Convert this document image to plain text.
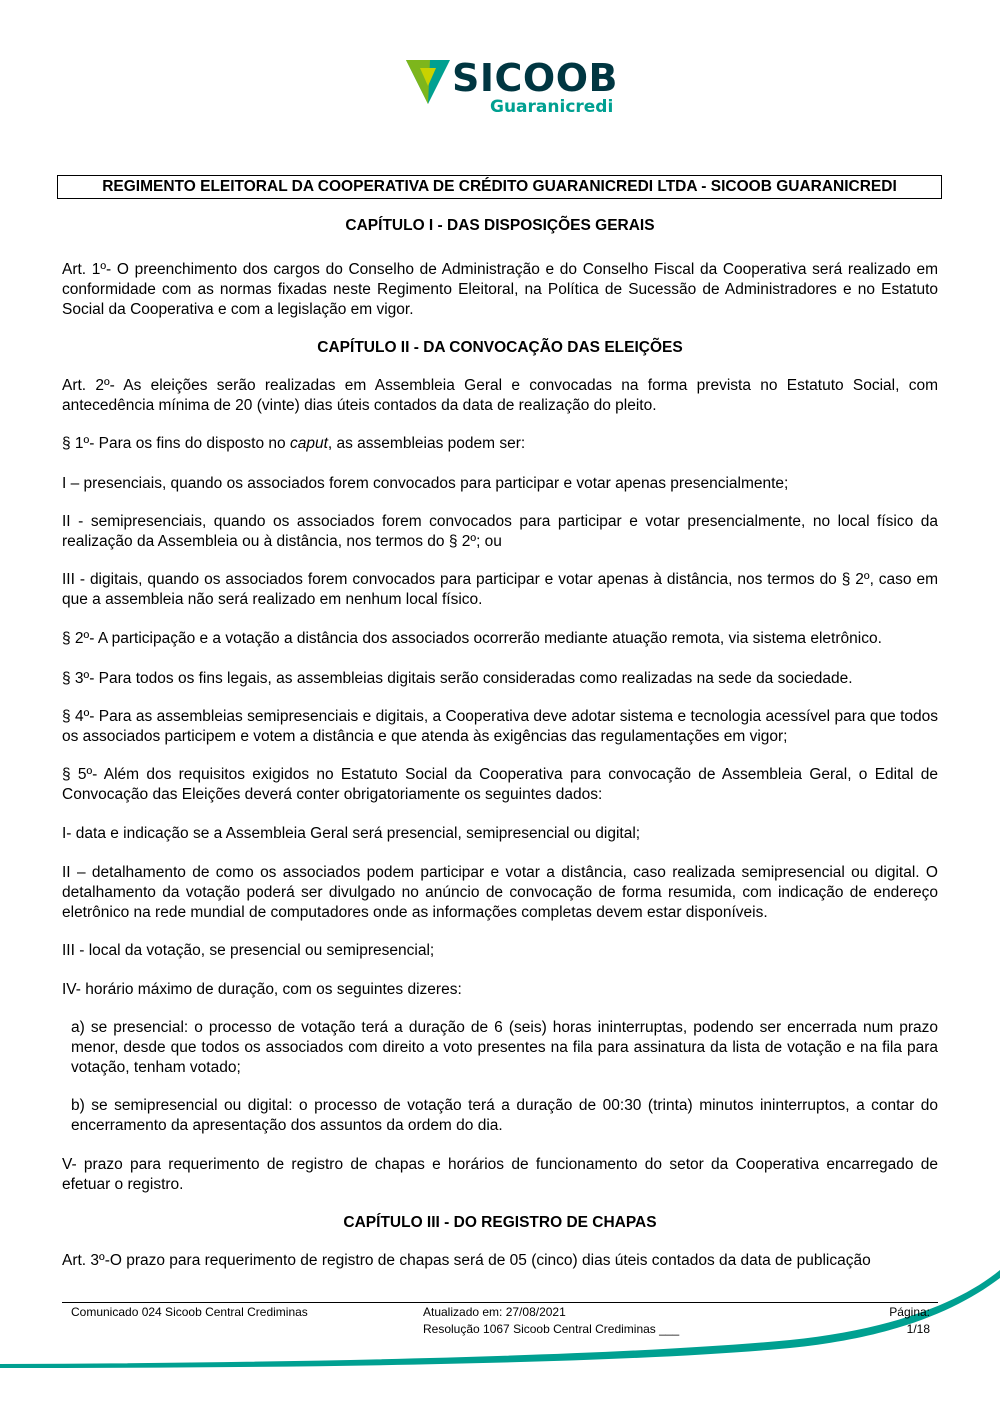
SICOOB
Guaranicredi
REGIMENTO ELEITORAL DA COOPERATIVA DE CRÉDITO GUARANICREDI LTDA - SICOOB GUARANICREDI
CAPÍTULO I - DAS DISPOSIÇÕES GERAIS

Art. 1º- O preenchimento dos cargos do Conselho de Administração e do Conselho Fiscal da Cooperativa será realizado em conformidade com as normas fixadas neste Regimento Eleitoral, na Política de Sucessão de Administradores e no Estatuto Social da Cooperativa e com a legislação em vigor.

CAPÍTULO II - DA CONVOCAÇÃO DAS ELEIÇÕES

Art. 2º- As eleições serão realizadas em Assembleia Geral e convocadas na forma prevista no Estatuto Social, com antecedência mínima de 20 (vinte) dias úteis contados da data de realização do pleito.

§ 1º- Para os fins do disposto no caput, as assembleias podem ser:

I – presenciais, quando os associados forem convocados para participar e votar apenas presencialmente;

II - semipresenciais, quando os associados forem convocados para participar e votar presencialmente, no local físico da realização da Assembleia ou à distância, nos termos do § 2º; ou

III - digitais, quando os associados forem convocados para participar e votar apenas à distância, nos termos do § 2º, caso em que a assembleia não será realizado em nenhum local físico.

§ 2º- A participação e a votação a distância dos associados ocorrerão mediante atuação remota, via sistema eletrônico.

§ 3º- Para todos os fins legais, as assembleias digitais serão consideradas como realizadas na sede da sociedade.

§ 4º- Para as assembleias semipresenciais e digitais, a Cooperativa deve adotar sistema e tecnologia acessível para que todos os associados participem e votem a distância e que atenda às exigências das regulamentações em vigor;

§ 5º- Além dos requisitos exigidos no Estatuto Social da Cooperativa para convocação de Assembleia Geral, o Edital de Convocação das Eleições deverá conter obrigatoriamente os seguintes dados:

I- data e indicação se a Assembleia Geral será presencial, semipresencial ou digital;

II – detalhamento de como os associados podem participar e votar a distância, caso realizada semipresencial ou digital. O detalhamento da votação poderá ser divulgado no anúncio de convocação de forma resumida, com indicação de endereço eletrônico na rede mundial de computadores onde as informações completas devem estar disponíveis.

III - local da votação, se presencial ou semipresencial;

IV- horário máximo de duração, com os seguintes dizeres:

a) se presencial: o processo de votação terá a duração de 6 (seis) horas ininterruptas, podendo ser encerrada num prazo menor, desde que todos os associados com direito a voto presentes na fila para assinatura da lista de votação e na fila para votação, tenham votado;

b) se semipresencial ou digital: o processo de votação terá a duração de 00:30 (trinta) minutos ininterruptos, a contar do encerramento da apresentação dos assuntos da ordem do dia.

V- prazo para requerimento de registro de chapas e horários de funcionamento do setor da Cooperativa encarregado de efetuar o registro.

CAPÍTULO III - DO REGISTRO DE CHAPAS

Art. 3º-O prazo para requerimento de registro de chapas será de 05 (cinco) dias úteis contados da data de publicação

Comunicado 024 Sicoob Central Crediminas	Atualizado em: 27/08/2021
Resolução 1067 Sicoob Central Crediminas ___
Página:
1/18
